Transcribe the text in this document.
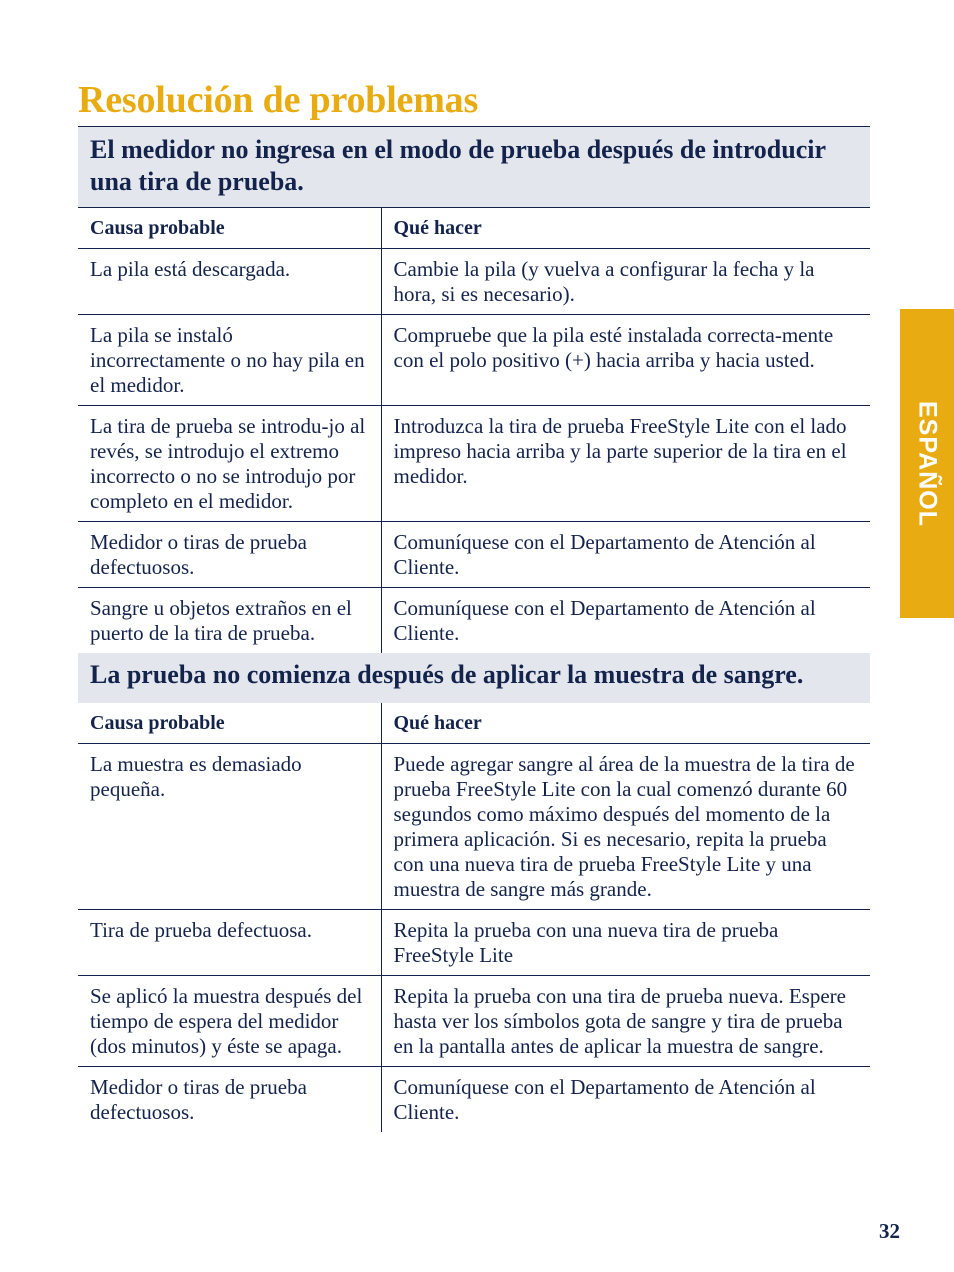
Resolución de problemas
El medidor no ingresa en el modo de prueba después de introducir una tira de prueba.
Causa probable	Qué hacer
La pila está descargada.	Cambie la pila (y vuelva a configurar la fecha y la hora, si es necesario).
La pila se instaló incorrectamente o no hay pila en el medidor.	Compruebe que la pila esté instalada correcta-mente con el polo positivo (+) hacia arriba y hacia usted.
La tira de prueba se introdu-jo al revés, se introdujo el extremo incorrecto o no se introdujo por completo en el medidor.	Introduzca la tira de prueba FreeStyle Lite con el lado impreso hacia arriba y la parte superior de la tira en el medidor.
Medidor o tiras de prueba defectuosos.	Comuníquese con el Departamento de Atención al Cliente.
Sangre u objetos extraños en el puerto de la tira de prueba.	Comuníquese con el Departamento de Atención al Cliente.
La prueba no comienza después de aplicar la muestra de sangre.
Causa probable	Qué hacer
La muestra es demasiado pequeña.	Puede agregar sangre al área de la muestra de la tira de prueba FreeStyle Lite con la cual comenzó durante 60 segundos como máximo después del momento de la primera aplicación. Si es necesario, repita la prueba con una nueva tira de prueba FreeStyle Lite y una muestra de sangre más grande.
Tira de prueba defectuosa.	Repita la prueba con una nueva tira de prueba FreeStyle Lite
Se aplicó la muestra después del tiempo de espera del medidor (dos minutos) y éste se apaga.	Repita la prueba con una tira de prueba nueva. Espere hasta ver los símbolos gota de sangre y tira de prueba en la pantalla antes de aplicar la muestra de sangre.
Medidor o tiras de prueba defectuosos.	Comuníquese con el Departamento de Atención al Cliente.
ESPAÑOL
32
